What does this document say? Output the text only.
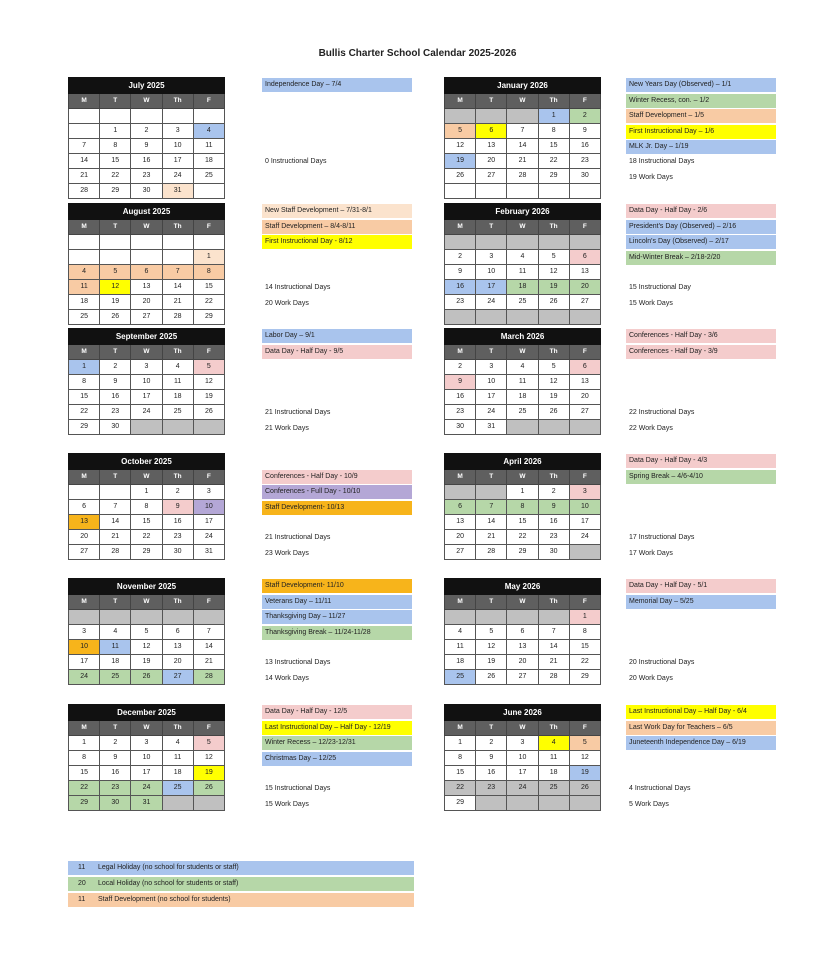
Bullis Charter School Calendar 2025-2026
July 2025				
M	T	W	Th	F

	1	2	3	4
7	8	9	10	11
14	15	16	17	18
21	22	23	24	25
28	29	30	31	
Independence Day – 7/4
0 Instructional Days
January 2026				
M	T	W	Th	F
			1	2
5	6	7	8	9
12	13	14	15	16
19	20	21	22	23
26	27	28	29	30

New Years Day (Observed) – 1/1
Winter Recess, con. – 1/2
Staff Development – 1/5
First Instructional Day – 1/6
MLK Jr. Day – 1/19
18 Instructional Days
19 Work Days
August 2025				
M	T	W	Th	F

				1
4	5	6	7	8
11	12	13	14	15
18	19	20	21	22
25	26	27	28	29
New Staff Development – 7/31-8/1
Staff Development – 8/4-8/11
First Instructional Day - 8/12
14 Instructional Days
20 Work Days
February 2026				
M	T	W	Th	F

2	3	4	5	6
9	10	11	12	13
16	17	18	19	20
23	24	25	26	27

Data Day - Half Day - 2/6
President's Day (Observed) – 2/16
Lincoln's Day (Observed) – 2/17
Mid-Winter Break – 2/18-2/20
15 Instructional Day
15 Work Days
September 2025				
M	T	W	Th	F
1	2	3	4	5
8	9	10	11	12
15	16	17	18	19
22	23	24	25	26
29	30			
Labor Day – 9/1
Data Day - Half Day - 9/5
21 Instructional Days
21 Work Days
March 2026				
M	T	W	Th	F
2	3	4	5	6
9	10	11	12	13
16	17	18	19	20
23	24	25	26	27
30	31			
Conferences - Half Day - 3/6
Conferences - Half Day - 3/9
22 Instructional Days
22 Work Days
October 2025				
M	T	W	Th	F
		1	2	3
6	7	8	9	10
13	14	15	16	17
20	21	22	23	24
27	28	29	30	31
Conferences - Half Day - 10/9
Conferences - Full Day - 10/10
Staff Development- 10/13
21 Instructional Days
23 Work Days
April 2026				
M	T	W	Th	F
		1	2	3
6	7	8	9	10
13	14	15	16	17
20	21	22	23	24
27	28	29	30	
Data Day - Half Day - 4/3
Spring Break – 4/6-4/10
17 Instructional Days
17 Work Days
November 2025				
M	T	W	Th	F

3	4	5	6	7
10	11	12	13	14
17	18	19	20	21
24	25	26	27	28
Staff Development- 11/10
Veterans Day – 11/11
Thanksgiving Day – 11/27
Thanksgiving Break – 11/24-11/28
13 Instructional Days
14 Work Days
May 2026				
M	T	W	Th	F
				1
4	5	6	7	8
11	12	13	14	15
18	19	20	21	22
25	26	27	28	29
Data Day - Half Day - 5/1
Memorial Day – 5/25
20 Instructional Days
20 Work Days
December 2025				
M	T	W	Th	F
1	2	3	4	5
8	9	10	11	12
15	16	17	18	19
22	23	24	25	26
29	30	31		
Data Day - Half Day - 12/5
Last Instructional Day – Half Day - 12/19
Winter Recess – 12/23-12/31
Christmas Day – 12/25
15 Instructional Days
15 Work Days
June 2026				
M	T	W	Th	F
1	2	3	4	5
8	9	10	11	12
15	16	17	18	19
22	23	24	25	26
29				
Last Instructional Day – Half Day - 6/4
Last Work Day for Teachers – 6/5
Juneteenth Independence Day – 6/19
4 Instructional Days
5 Work Days
11 Legal Holiday (no school for students or staff)
20 Local Holiday (no school for students or staff)
11 Staff Development (no school for students)
